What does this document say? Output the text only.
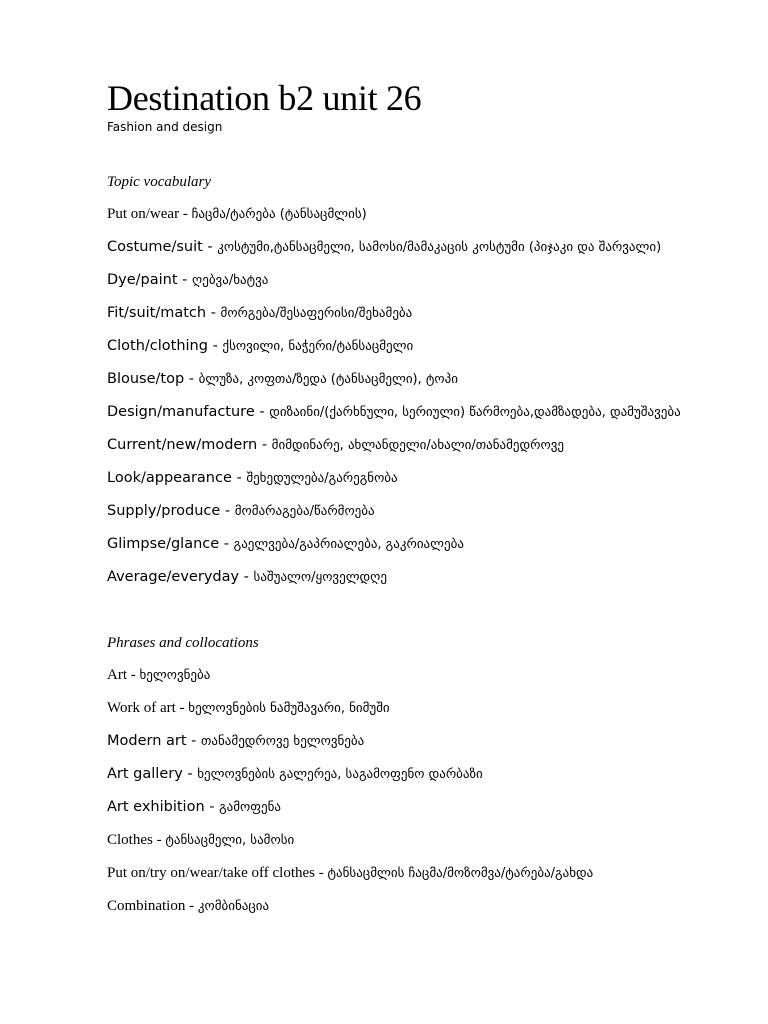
Destination b2 unit 26

Fashion and design

Topic vocabulary

Put on/wear - ჩაცმა/ტარება (ტანსაცმლის)
Costume/suit - კოსტუმი,ტანსაცმელი, სამოსი/მამაკაცის კოსტუმი (პიჯაკი და შარვალი)
Dye/paint - ღებვა/ხატვა
Fit/suit/match - მორგება/შესაფერისი/შეხამება
Cloth/clothing - ქსოვილი, ნაჭერი/ტანსაცმელი
Blouse/top - ბლუზა, კოფთა/ზედა (ტანსაცმელი), ტოპი
Design/manufacture - დიზაინი/(ქარხნული, სერიული) წარმოება,დამზადება, დამუშავება
Current/new/modern - მიმდინარე, ახლანდელი/ახალი/თანამედროვე
Look/appearance - შეხედულება/გარეგნობა
Supply/produce - მომარაგება/წარმოება
Glimpse/glance - გაელვება/გაპრიალება, გაკრიალება
Average/everyday - საშუალო/ყოველდღე

Phrases and collocations

Art - ხელოვნება
Work of art - ხელოვნების ნამუშავარი, ნიმუში
Modern art - თანამედროვე ხელოვნება
Art gallery - ხელოვნების გალერეა, საგამოფენო დარბაზი
Art exhibition - გამოფენა
Clothes - ტანსაცმელი, სამოსი
Put on/try on/wear/take off clothes - ტანსაცმლის ჩაცმა/მოზომვა/ტარება/გახდა
Combination - კომბინაცია
